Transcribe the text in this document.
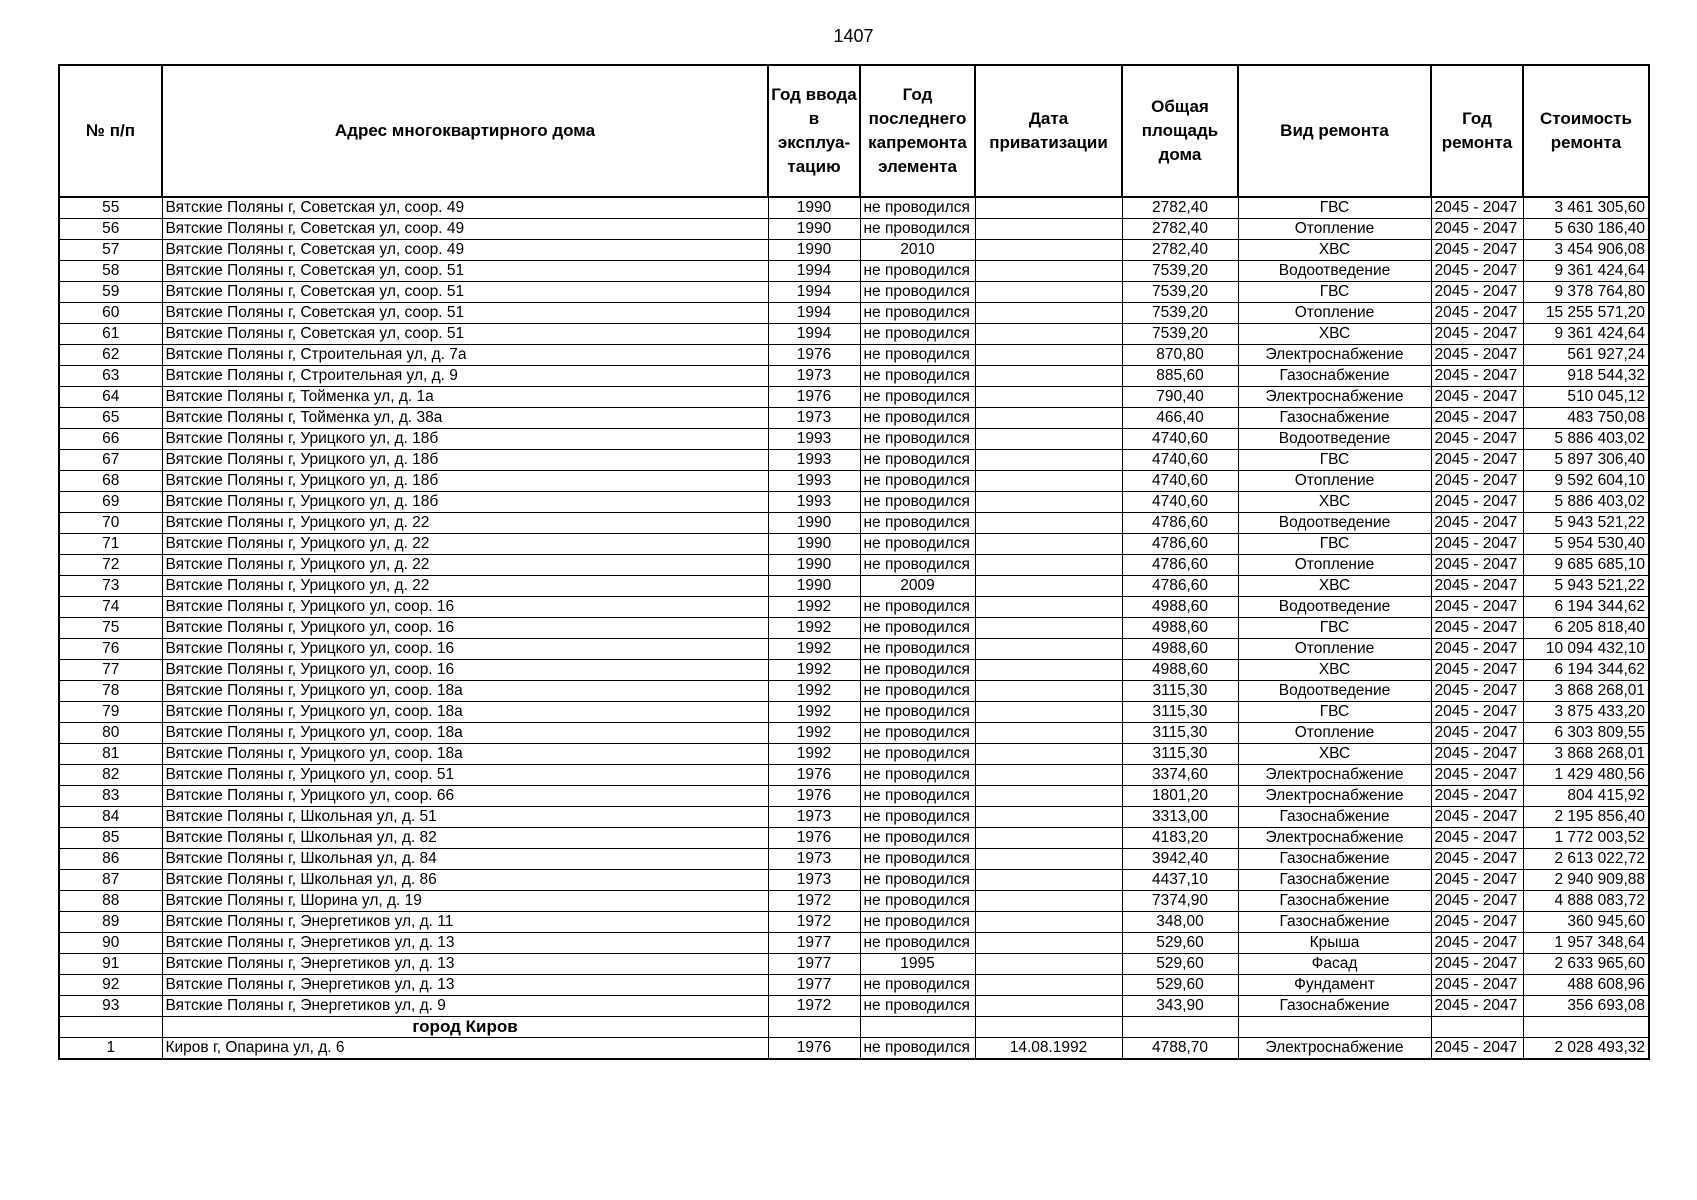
1407
№ п/п	Адрес многоквартирного дома	Год ввода в эксплуа-тацию	Год последнего капремонта элемента	Дата приватизации	Общая площадь дома	Вид ремонта	Год ремонта	Стоимость ремонта
55	Вятские Поляны г, Советская ул, соор. 49	1990	не проводился		2782,40	ГВС	2045 - 2047	3 461 305,60
56	Вятские Поляны г, Советская ул, соор. 49	1990	не проводился		2782,40	Отопление	2045 - 2047	5 630 186,40
57	Вятские Поляны г, Советская ул, соор. 49	1990	2010		2782,40	ХВС	2045 - 2047	3 454 906,08
58	Вятские Поляны г, Советская ул, соор. 51	1994	не проводился		7539,20	Водоотведение	2045 - 2047	9 361 424,64
59	Вятские Поляны г, Советская ул, соор. 51	1994	не проводился		7539,20	ГВС	2045 - 2047	9 378 764,80
60	Вятские Поляны г, Советская ул, соор. 51	1994	не проводился		7539,20	Отопление	2045 - 2047	15 255 571,20
61	Вятские Поляны г, Советская ул, соор. 51	1994	не проводился		7539,20	ХВС	2045 - 2047	9 361 424,64
62	Вятские Поляны г, Строительная ул, д. 7а	1976	не проводился		870,80	Электроснабжение	2045 - 2047	561 927,24
63	Вятские Поляны г, Строительная ул, д. 9	1973	не проводился		885,60	Газоснабжение	2045 - 2047	918 544,32
64	Вятские Поляны г, Тойменка ул, д. 1а	1976	не проводился		790,40	Электроснабжение	2045 - 2047	510 045,12
65	Вятские Поляны г, Тойменка ул, д. 38а	1973	не проводился		466,40	Газоснабжение	2045 - 2047	483 750,08
66	Вятские Поляны г, Урицкого ул, д. 18б	1993	не проводился		4740,60	Водоотведение	2045 - 2047	5 886 403,02
67	Вятские Поляны г, Урицкого ул, д. 18б	1993	не проводился		4740,60	ГВС	2045 - 2047	5 897 306,40
68	Вятские Поляны г, Урицкого ул, д. 18б	1993	не проводился		4740,60	Отопление	2045 - 2047	9 592 604,10
69	Вятские Поляны г, Урицкого ул, д. 18б	1993	не проводился		4740,60	ХВС	2045 - 2047	5 886 403,02
70	Вятские Поляны г, Урицкого ул, д. 22	1990	не проводился		4786,60	Водоотведение	2045 - 2047	5 943 521,22
71	Вятские Поляны г, Урицкого ул, д. 22	1990	не проводился		4786,60	ГВС	2045 - 2047	5 954 530,40
72	Вятские Поляны г, Урицкого ул, д. 22	1990	не проводился		4786,60	Отопление	2045 - 2047	9 685 685,10
73	Вятские Поляны г, Урицкого ул, д. 22	1990	2009		4786,60	ХВС	2045 - 2047	5 943 521,22
74	Вятские Поляны г, Урицкого ул, соор. 16	1992	не проводился		4988,60	Водоотведение	2045 - 2047	6 194 344,62
75	Вятские Поляны г, Урицкого ул, соор. 16	1992	не проводился		4988,60	ГВС	2045 - 2047	6 205 818,40
76	Вятские Поляны г, Урицкого ул, соор. 16	1992	не проводился		4988,60	Отопление	2045 - 2047	10 094 432,10
77	Вятские Поляны г, Урицкого ул, соор. 16	1992	не проводился		4988,60	ХВС	2045 - 2047	6 194 344,62
78	Вятские Поляны г, Урицкого ул, соор. 18а	1992	не проводился		3115,30	Водоотведение	2045 - 2047	3 868 268,01
79	Вятские Поляны г, Урицкого ул, соор. 18а	1992	не проводился		3115,30	ГВС	2045 - 2047	3 875 433,20
80	Вятские Поляны г, Урицкого ул, соор. 18а	1992	не проводился		3115,30	Отопление	2045 - 2047	6 303 809,55
81	Вятские Поляны г, Урицкого ул, соор. 18а	1992	не проводился		3115,30	ХВС	2045 - 2047	3 868 268,01
82	Вятские Поляны г, Урицкого ул, соор. 51	1976	не проводился		3374,60	Электроснабжение	2045 - 2047	1 429 480,56
83	Вятские Поляны г, Урицкого ул, соор. 66	1976	не проводился		1801,20	Электроснабжение	2045 - 2047	804 415,92
84	Вятские Поляны г, Школьная ул, д. 51	1973	не проводился		3313,00	Газоснабжение	2045 - 2047	2 195 856,40
85	Вятские Поляны г, Школьная ул, д. 82	1976	не проводился		4183,20	Электроснабжение	2045 - 2047	1 772 003,52
86	Вятские Поляны г, Школьная ул, д. 84	1973	не проводился		3942,40	Газоснабжение	2045 - 2047	2 613 022,72
87	Вятские Поляны г, Школьная ул, д. 86	1973	не проводился		4437,10	Газоснабжение	2045 - 2047	2 940 909,88
88	Вятские Поляны г, Шорина ул, д. 19	1972	не проводился		7374,90	Газоснабжение	2045 - 2047	4 888 083,72
89	Вятские Поляны г, Энергетиков ул, д. 11	1972	не проводился		348,00	Газоснабжение	2045 - 2047	360 945,60
90	Вятские Поляны г, Энергетиков ул, д. 13	1977	не проводился		529,60	Крыша	2045 - 2047	1 957 348,64
91	Вятские Поляны г, Энергетиков ул, д. 13	1977	1995		529,60	Фасад	2045 - 2047	2 633 965,60
92	Вятские Поляны г, Энергетиков ул, д. 13	1977	не проводился		529,60	Фундамент	2045 - 2047	488 608,96
93	Вятские Поляны г, Энергетиков ул, д. 9	1972	не проводился		343,90	Газоснабжение	2045 - 2047	356 693,08
	город Киров							
1	Киров г, Опарина ул, д. 6	1976	не проводился	14.08.1992	4788,70	Электроснабжение	2045 - 2047	2 028 493,32
